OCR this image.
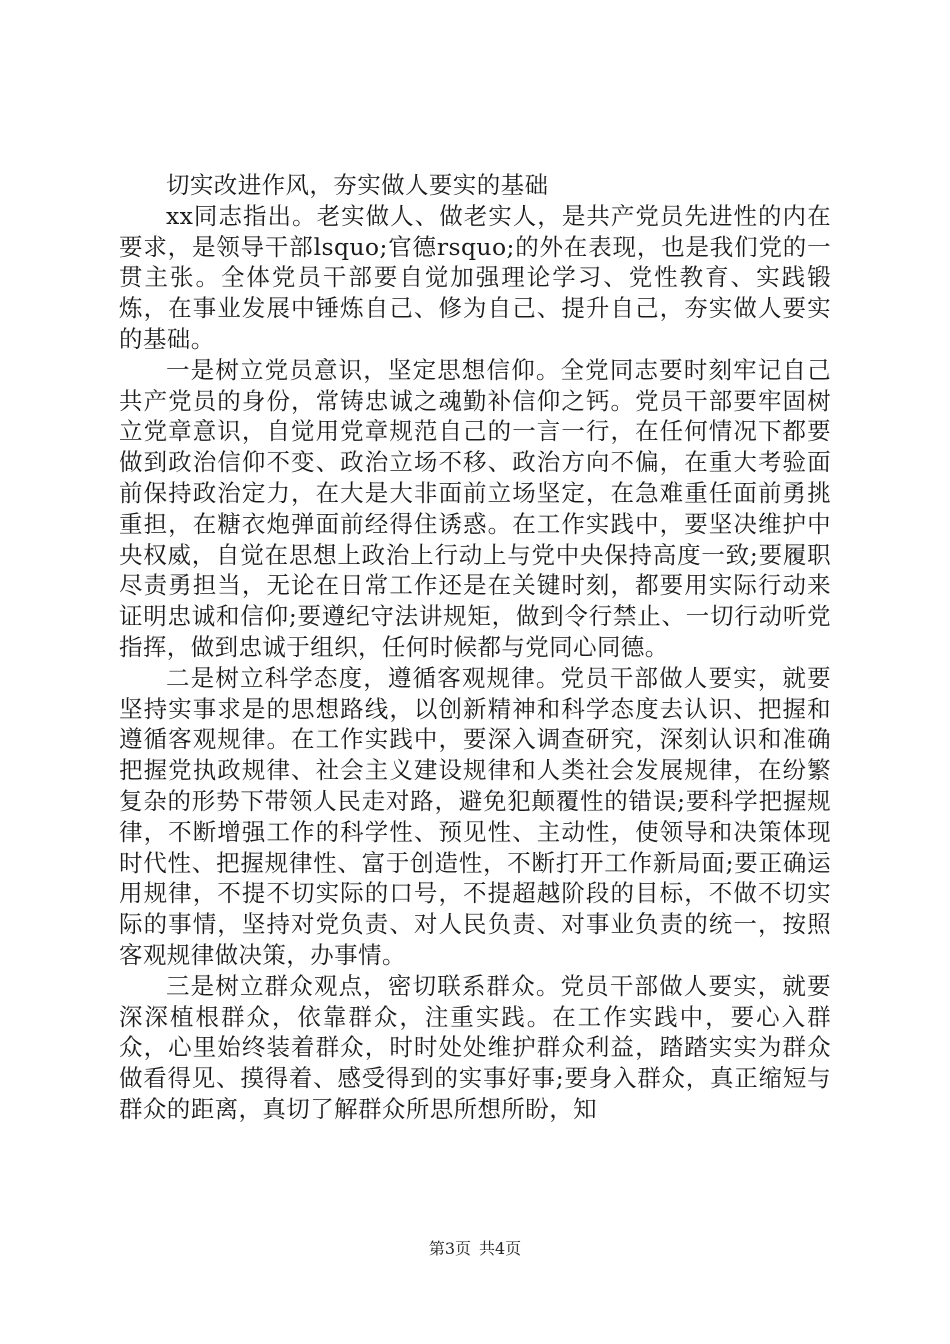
切实改进作风，夯实做人要实的基础

xx同志指出。老实做人、做老实人，是共产党员先进性的内在要求，是领导干部lsquo;官德rsquo;的外在表现，也是我们党的一贯主张。全体党员干部要自觉加强理论学习、党性教育、实践锻炼，在事业发展中锤炼自己、修为自己、提升自己，夯实做人要实的基础。

一是树立党员意识，坚定思想信仰。全党同志要时刻牢记自己共产党员的身份，常铸忠诚之魂勤补信仰之钙。党员干部要牢固树立党章意识，自觉用党章规范自己的一言一行，在任何情况下都要做到政治信仰不变、政治立场不移、政治方向不偏，在重大考验面前保持政治定力，在大是大非面前立场坚定，在急难重任面前勇挑重担，在糖衣炮弹面前经得住诱惑。在工作实践中，要坚决维护中央权威，自觉在思想上政治上行动上与党中央保持高度一致;要履职尽责勇担当，无论在日常工作还是在关键时刻，都要用实际行动来证明忠诚和信仰;要遵纪守法讲规矩，做到令行禁止、一切行动听党指挥，做到忠诚于组织，任何时候都与党同心同德。

二是树立科学态度，遵循客观规律。党员干部做人要实，就要坚持实事求是的思想路线，以创新精神和科学态度去认识、把握和遵循客观规律。在工作实践中，要深入调查研究，深刻认识和准确把握党执政规律、社会主义建设规律和人类社会发展规律，在纷繁复杂的形势下带领人民走对路，避免犯颠覆性的错误;要科学把握规律，不断增强工作的科学性、预见性、主动性，使领导和决策体现时代性、把握规律性、富于创造性，不断打开工作新局面;要正确运用规律，不提不切实际的口号，不提超越阶段的目标，不做不切实际的事情，坚持对党负责、对人民负责、对事业负责的统一，按照客观规律做决策，办事情。

三是树立群众观点，密切联系群众。党员干部做人要实，就要深深植根群众，依靠群众，注重实践。在工作实践中，要心入群众，心里始终装着群众，时时处处维护群众利益，踏踏实实为群众做看得见、摸得着、感受得到的实事好事;要身入群众，真正缩短与群众的距离，真切了解群众所思所想所盼，知

第3页 共4页
